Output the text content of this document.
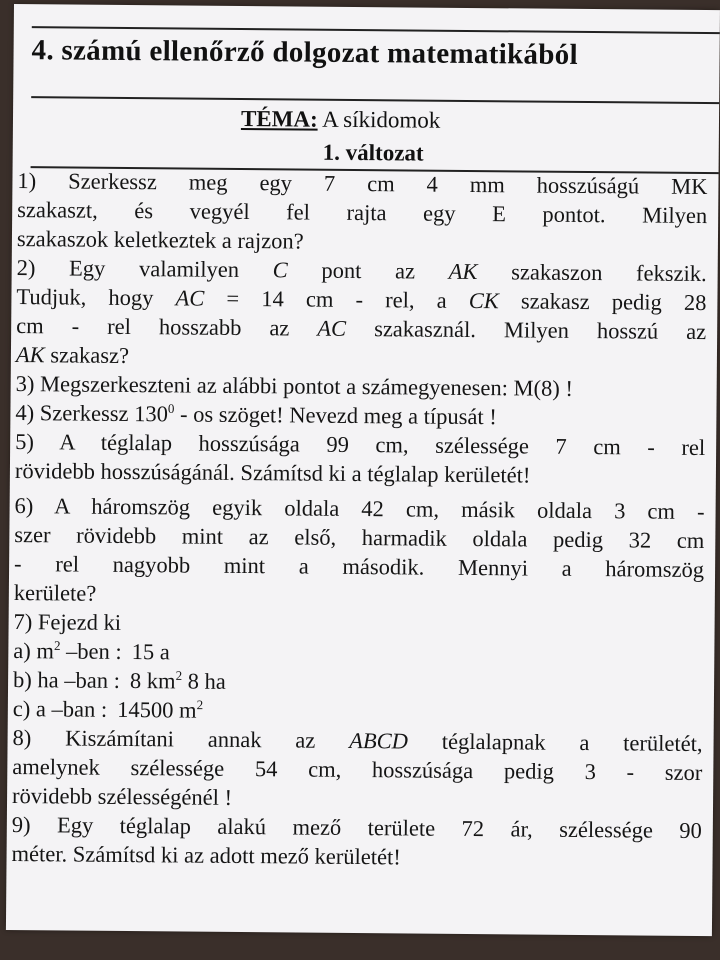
4. számú ellenőrző dolgozat matematikából
TÉMA: A síkidomok
1. változat
1) Szerkessz meg egy 7 cm 4 mm hosszúságú MK
szakaszt, és vegyél fel rajta egy E pontot. Milyen
szakaszok keletkeztek a rajzon?
2) Egy valamilyen C pont az AK szakaszon fekszik.
Tudjuk, hogy AC = 14 cm - rel, a CK szakasz pedig 28
cm - rel hosszabb az AC szakasznál. Milyen hosszú az
AK szakasz?
3) Megszerkeszteni az alábbi pontot a számegyenesen: M(8) !
4) Szerkessz $130^0$ - os szöget! Nevezd meg a típusát !
5) A téglalap hosszúsága 99 cm, szélessége 7 cm - rel
rövidebb hosszúságánál. Számítsd ki a téglalap kerületét!
6) A háromszög egyik oldala 42 cm, másik oldala 3 cm -
szer rövidebb mint az első, harmadik oldala pedig 32 cm
- rel nagyobb mint a második. Mennyi a háromszög
kerülete?
7) Fejezd ki
a) $m^2$ –ben : 15 a
b) ha –ban : 8 $km^2$ 8 ha
c) a –ban : 14500 $m^2$
8) Kiszámítani annak az ABCD téglalapnak a területét,
amelynek szélessége 54 cm, hosszúsága pedig 3 - szor
rövidebb szélességénél !
9) Egy téglalap alakú mező területe 72 ár, szélessége 90
méter. Számítsd ki az adott mező kerületét!
